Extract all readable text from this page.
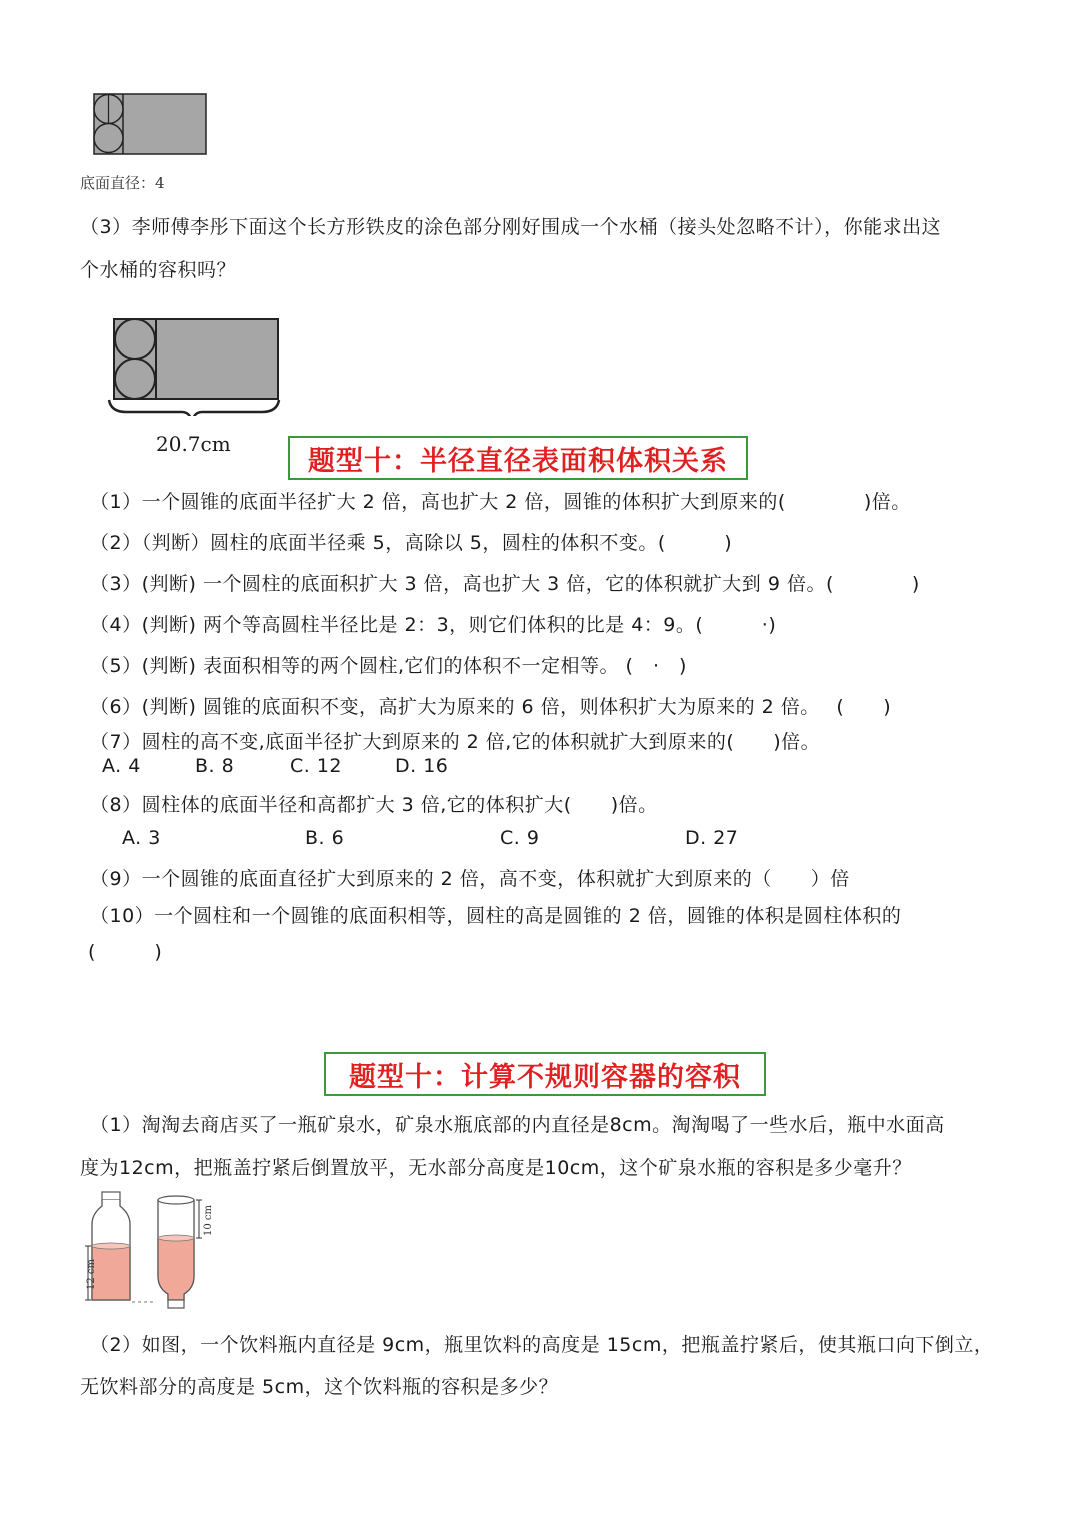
底面直径：4
（3）李师傅李彤下面这个长方形铁皮的涂色部分刚好围成一个水桶（接头处忽略不计），你能求出这
个水桶的容积吗？
20.7cm
题型十：半径直径表面积体积关系
（1）一个圆锥的底面半径扩大 2 倍，高也扩大 2 倍，圆锥的体积扩大到原来的(　　　　)倍。
（2）（判断）圆柱的底面半径乘 5，高除以 5，圆柱的体积不变。(　　　)
（3）(判断) 一个圆柱的底面积扩大 3 倍，高也扩大 3 倍，它的体积就扩大到 9 倍。(　　　　)
（4）(判断) 两个等高圆柱半径比是 2：3，则它们体积的比是 4：9。(　　　·)
（5）(判断) 表面积相等的两个圆柱,它们的体积不一定相等。 (　·　)
（6）(判断) 圆锥的底面积不变，高扩大为原来的 6 倍，则体积扩大为原来的 2 倍。　 (　　)
（7）圆柱的高不变,底面半径扩大到原来的 2 倍,它的体积就扩大到原来的(　　)倍。
A. 4	B. 8	C. 12	D. 16
（8）圆柱体的底面半径和高都扩大 3 倍,它的体积扩大(　　)倍。
A. 3	B. 6	C. 9	D. 27
（9）一个圆锥的底面直径扩大到原来的 2 倍，高不变，体积就扩大到原来的（　　）倍
（10）一个圆柱和一个圆锥的底面积相等，圆柱的高是圆锥的 2 倍，圆锥的体积是圆柱体积的
(　　　)
题型十：计算不规则容器的容积
（1）淘淘去商店买了一瓶矿泉水，矿泉水瓶底部的内直径是8cm。淘淘喝了一些水后，瓶中水面高
度为12cm，把瓶盖拧紧后倒置放平，无水部分高度是10cm，这个矿泉水瓶的容积是多少毫升？
12 cm
10 cm
（2）如图，一个饮料瓶内直径是 9cm，瓶里饮料的高度是 15cm，把瓶盖拧紧后，使其瓶口向下倒立，
无饮料部分的高度是 5cm，这个饮料瓶的容积是多少？
